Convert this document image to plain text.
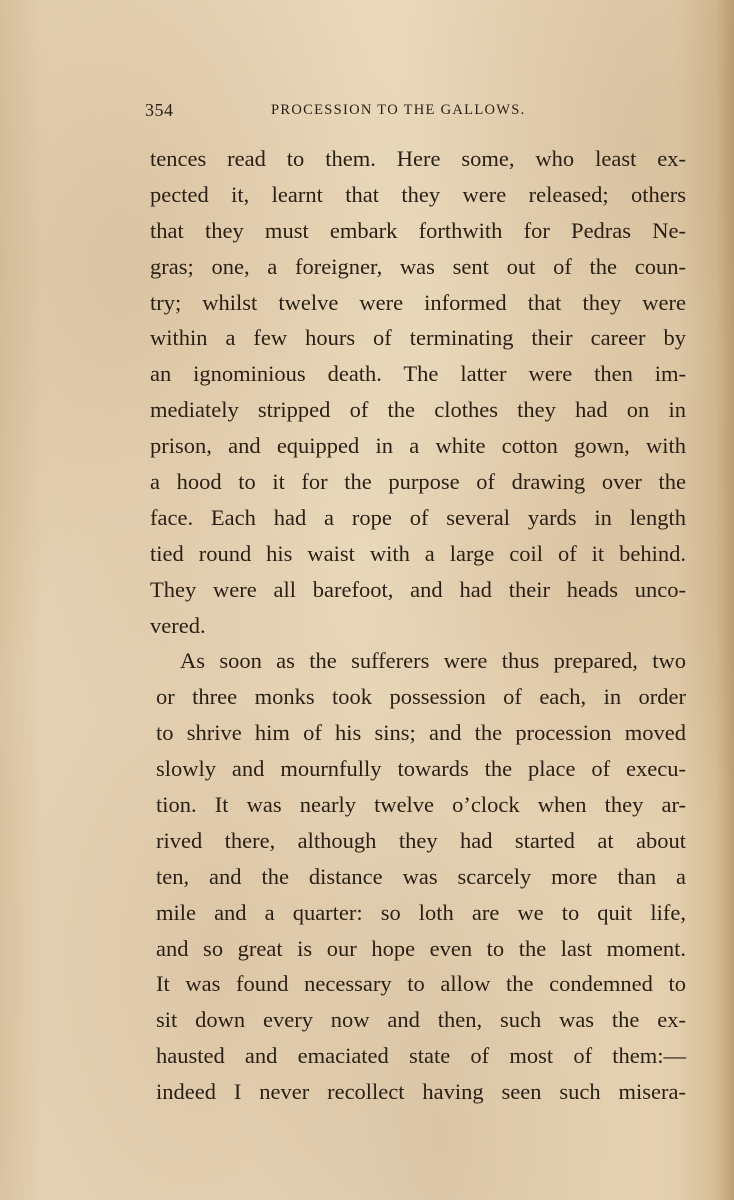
354	PROCESSION TO THE GALLOWS.
tences read to them. Here some, who least ex-
pected it, learnt that they were released; others
that they must embark forthwith for Pedras Ne-
gras; one, a foreigner, was sent out of the coun-
try; whilst twelve were informed that they were
within a few hours of terminating their career by
an ignominious death. The latter were then im-
mediately stripped of the clothes they had on in
prison, and equipped in a white cotton gown, with
a hood to it for the purpose of drawing over the
face. Each had a rope of several yards in length
tied round his waist with a large coil of it behind.
They were all barefoot, and had their heads unco-
vered.
As soon as the sufferers were thus prepared, two
or three monks took possession of each, in order
to shrive him of his sins; and the procession moved
slowly and mournfully towards the place of execu-
tion. It was nearly twelve o’clock when they ar-
rived there, although they had started at about
ten, and the distance was scarcely more than a
mile and a quarter: so loth are we to quit life,
and so great is our hope even to the last moment.
It was found necessary to allow the condemned to
sit down every now and then, such was the ex-
hausted and emaciated state of most of them:—
indeed I never recollect having seen such misera-
